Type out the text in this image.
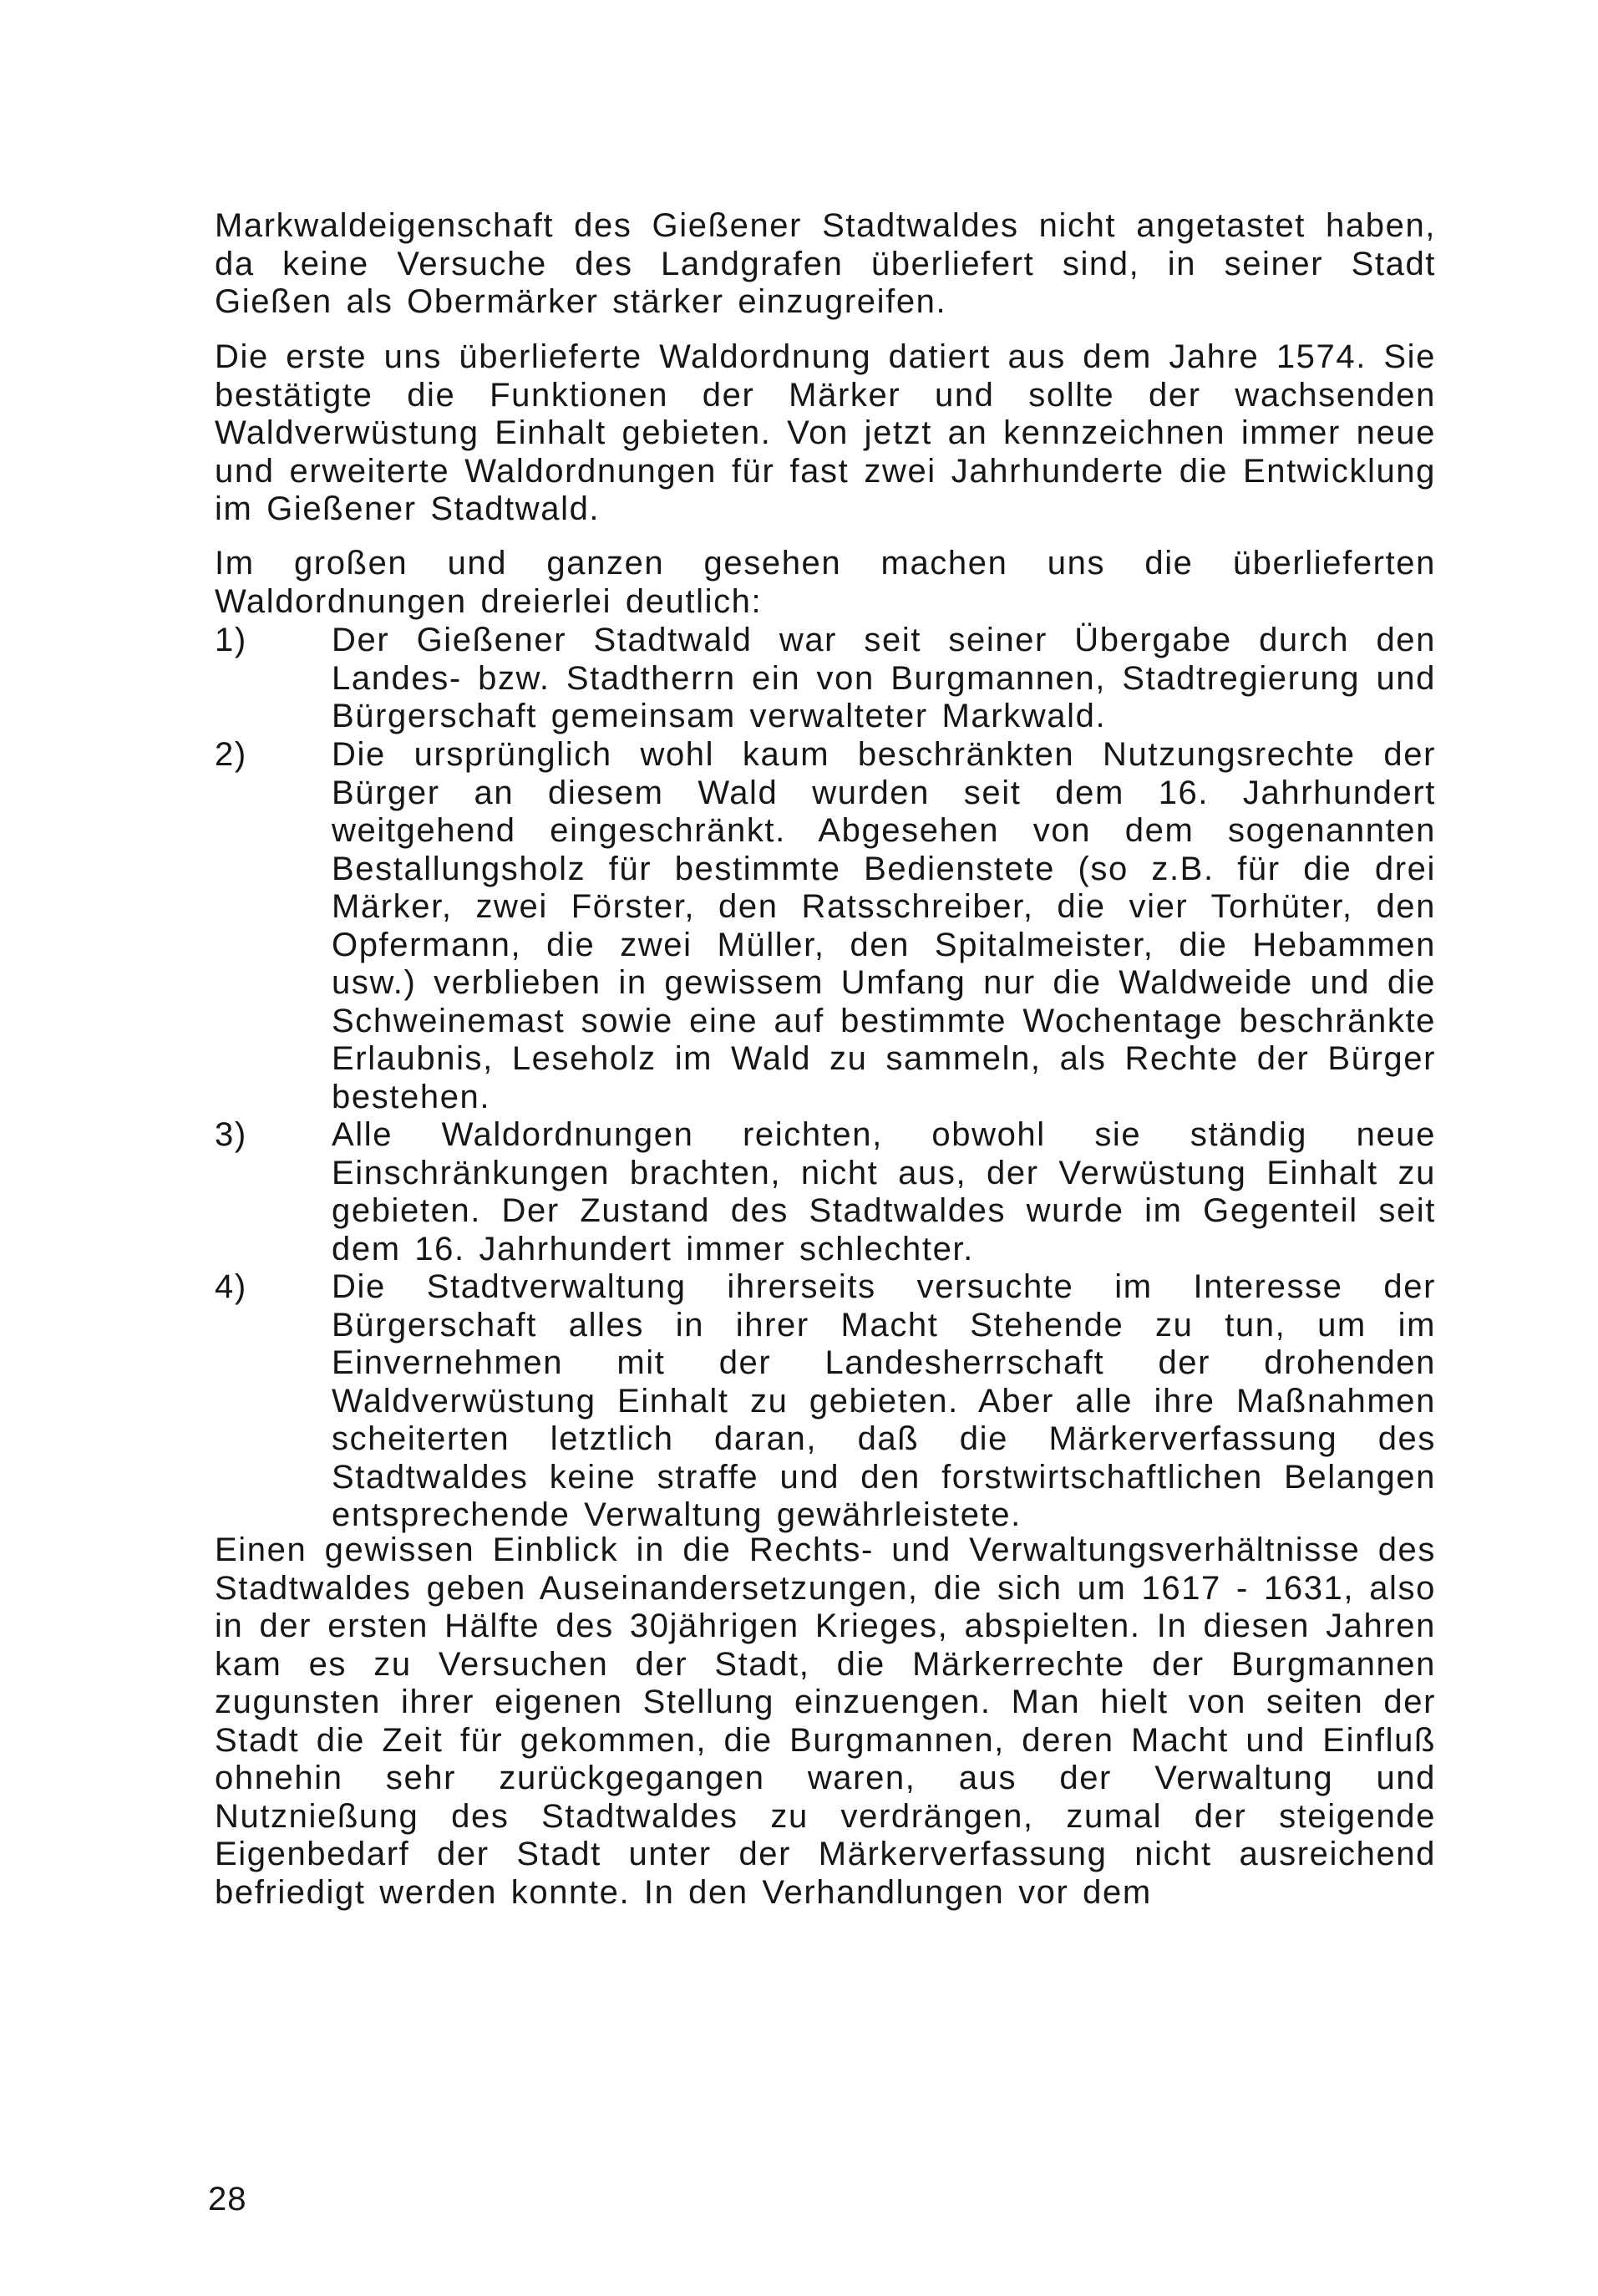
Markwaldeigenschaft des Gießener Stadtwaldes nicht angetastet haben, da keine Versuche des Landgrafen überliefert sind, in seiner Stadt Gießen als Obermärker stärker einzugreifen.

Die erste uns überlieferte Waldordnung datiert aus dem Jahre 1574. Sie bestätigte die Funktionen der Märker und sollte der wachsenden Waldverwüstung Einhalt gebieten. Von jetzt an kennzeichnen immer neue und erweiterte Waldordnungen für fast zwei Jahrhunderte die Entwicklung im Gießener Stadtwald.

Im großen und ganzen gesehen machen uns die überlieferten Waldordnungen dreierlei deutlich:

1)	Der Gießener Stadtwald war seit seiner Übergabe durch den Landes- bzw. Stadtherrn ein von Burgmannen, Stadtregierung und Bürgerschaft gemeinsam verwalteter Markwald.
2)	Die ursprünglich wohl kaum beschränkten Nutzungsrechte der Bürger an diesem Wald wurden seit dem 16. Jahrhundert weitgehend eingeschränkt. Abgesehen von dem sogenannten Bestallungsholz für bestimmte Bedienstete (so z.B. für die drei Märker, zwei Förster, den Ratsschreiber, die vier Torhüter, den Opfermann, die zwei Müller, den Spitalmeister, die Hebammen usw.) verblieben in gewissem Umfang nur die Waldweide und die Schweinemast sowie eine auf bestimmte Wochentage beschränkte Erlaubnis, Leseholz im Wald zu sammeln, als Rechte der Bürger bestehen.
3)	Alle Waldordnungen reichten, obwohl sie ständig neue Einschränkungen brachten, nicht aus, der Verwüstung Einhalt zu gebieten. Der Zustand des Stadtwaldes wurde im Gegenteil seit dem 16. Jahrhundert immer schlechter.
4)	Die Stadtverwaltung ihrerseits versuchte im Interesse der Bürgerschaft alles in ihrer Macht Stehende zu tun, um im Einvernehmen mit der Landesherrschaft der drohenden Waldverwüstung Einhalt zu gebieten. Aber alle ihre Maßnahmen scheiterten letztlich daran, daß die Märkerverfassung des Stadtwaldes keine straffe und den forstwirtschaftlichen Belangen entsprechende Verwaltung gewährleistete.

Einen gewissen Einblick in die Rechts- und Verwaltungsverhältnisse des Stadtwaldes geben Auseinandersetzungen, die sich um 1617 - 1631, also in der ersten Hälfte des 30jährigen Krieges, abspielten. In diesen Jahren kam es zu Versuchen der Stadt, die Märkerrechte der Burgmannen zugunsten ihrer eigenen Stellung einzuengen. Man hielt von seiten der Stadt die Zeit für gekommen, die Burgmannen, deren Macht und Einfluß ohnehin sehr zurückgegangen waren, aus der Verwaltung und Nutznießung des Stadtwaldes zu verdrängen, zumal der steigende Eigenbedarf der Stadt unter der Märkerverfassung nicht ausreichend befriedigt werden konnte. In den Verhandlungen vor dem

28
